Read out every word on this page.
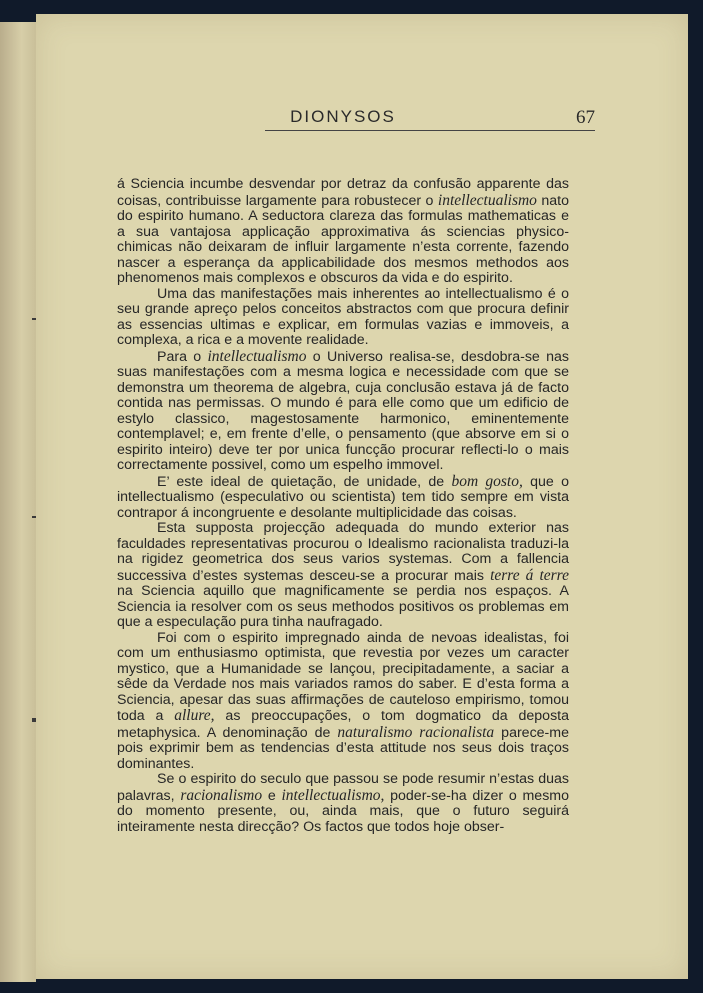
DIONYSOS	67

á Sciencia incumbe desvendar por detraz da confusão apparente das coisas, contribuisse largamente para robustecer o intellectualismo nato do espirito humano. A seductora clareza das formulas mathematicas e a sua vantajosa applicação approximativa ás sciencias physico-chimicas não deixaram de influir largamente n’esta corrente, fazendo nascer a esperança da applicabilidade dos mesmos methodos aos phenomenos mais complexos e obscuros da vida e do espirito.

Uma das manifestações mais inherentes ao intellectualismo é o seu grande apreço pelos conceitos abstractos com que procura definir as essencias ultimas e explicar, em formulas vazias e immoveis, a complexa, a rica e a movente realidade.

Para o intellectualismo o Universo realisa-se, desdobra-se nas suas manifestações com a mesma logica e necessidade com que se demonstra um theorema de algebra, cuja conclusão estava já de facto contida nas permissas. O mundo é para elle como que um edificio de estylo classico, magestosamente harmonico, eminentemente contemplavel; e, em frente d’elle, o pensamento (que absorve em si o espirito inteiro) deve ter por unica funcção procurar reflecti-lo o mais correctamente possivel, como um espelho immovel.

E’ este ideal de quietação, de unidade, de bom gosto, que o intellectualismo (especulativo ou scientista) tem tido sempre em vista contrapor á incongruente e desolante multiplicidade das coisas.

Esta supposta projecção adequada do mundo exterior nas faculdades representativas procurou o Idealismo racionalista traduzi-la na rigidez geometrica dos seus varios systemas. Com a fallencia successiva d’estes systemas desceu-se a procurar mais terre á terre na Sciencia aquillo que magnificamente se perdia nos espaços. A Sciencia ia resolver com os seus methodos positivos os problemas em que a especulação pura tinha naufragado.

Foi com o espirito impregnado ainda de nevoas idealistas, foi com um enthusiasmo optimista, que revestia por vezes um caracter mystico, que a Humanidade se lançou, precipitadamente, a saciar a sêde da Verdade nos mais variados ramos do saber. E d’esta forma a Sciencia, apesar das suas affirmações de cauteloso empirismo, tomou toda a allure, as preoccupações, o tom dogmatico da deposta metaphysica. A denominação de naturalismo racionalista parece-me pois exprimir bem as tendencias d’esta attitude nos seus dois traços dominantes.

Se o espirito do seculo que passou se pode resumir n’estas duas palavras, racionalismo e intellectualismo, poder-se-ha dizer o mesmo do momento presente, ou, ainda mais, que o futuro seguirá inteiramente nesta direcção? Os factos que todos hoje obser-
